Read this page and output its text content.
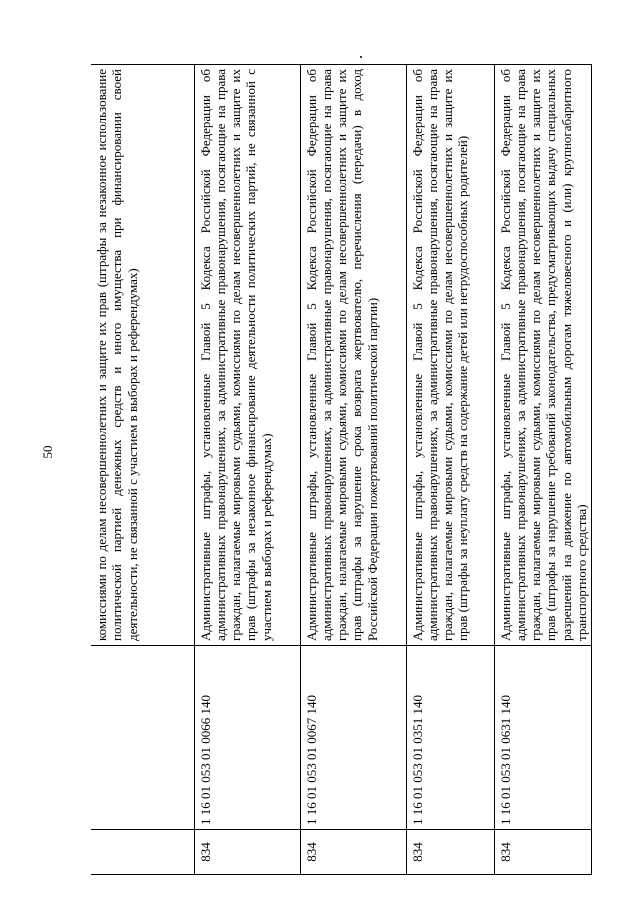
50
			комиссиями по делам несовершеннолетних и защите их прав (штрафы за незаконное использование политической партией денежных средств и иного имущества при финансировании своей деятельности, не связанной с участием в выборах и референдумах)
834	1 16 01 053 01 0066 140	Административные штрафы, установленные Главой 5 Кодекса Российской Федерации об административных правонарушениях, за административные правонарушения, посягающие на права граждан, налагаемые мировыми судьями, комиссиями по делам несовершеннолетних и защите их прав (штрафы за незаконное финансирование деятельности политических партий, не связанной с участием в выборах и референдумах)
834	1 16 01 053 01 0067 140	Административные штрафы, установленные Главой 5 Кодекса Российской Федерации об административных правонарушениях, за административные правонарушения, посягающие на права граждан, налагаемые мировыми судьями, комиссиями по делам несовершеннолетних и защите их прав (штрафы за нарушение срока возврата жертвователю, перечисления (передачи) в доход Российской Федерации пожертвований политической партии)
834	1 16 01 053 01 0351 140	Административные штрафы, установленные Главой 5 Кодекса Российской Федерации об административных правонарушениях, за административные правонарушения, посягающие на права граждан, налагаемые мировыми судьями, комиссиями по делам несовершеннолетних и защите их прав (штрафы за неуплату средств на содержание детей или нетрудоспособных родителей)
834	1 16 01 053 01 0631 140	Административные штрафы, установленные Главой 5 Кодекса Российской Федерации об административных правонарушениях, за административные правонарушения, посягающие на права граждан, налагаемые мировыми судьями, комиссиями по делам несовершеннолетних и защите их прав (штрафы за нарушение требований законодательства, предусматривающих выдачу специальных разрешений на движение по автомобильным дорогам тяжеловесного и (или) крупногабаритного транспортного средства)
